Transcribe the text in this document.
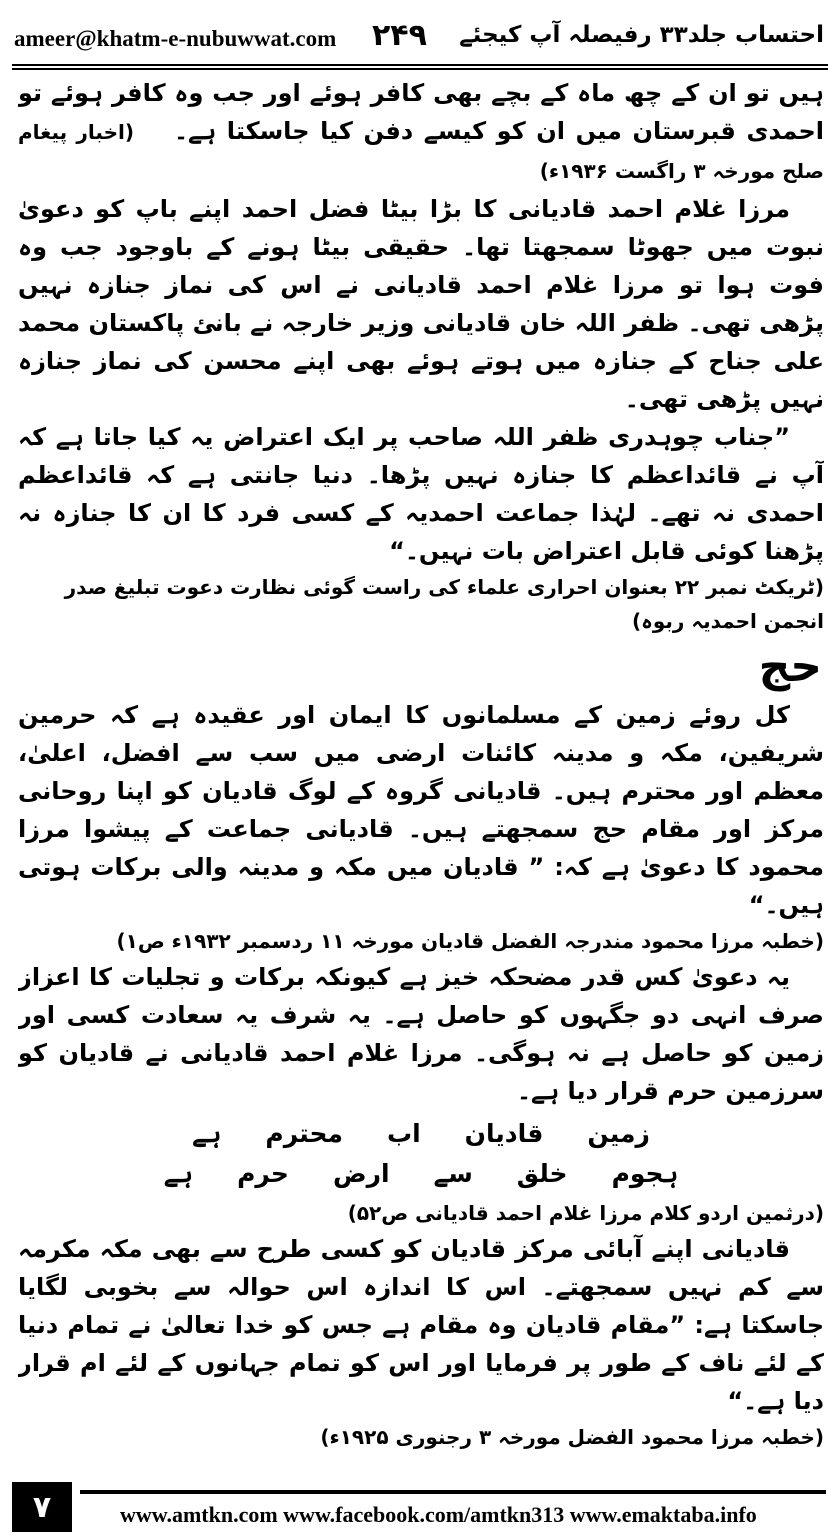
ameer@khatm-e-nubuwwat.com ۲۴۹ احتساب جلد۳۳ رفیصلہ آپ کیجئے

ہیں تو ان کے چھ ماہ کے بچے بھی کافر ہوئے اور جب وہ کافر ہوئے تو احمدی قبرستان میں ان کو کیسے دفن کیا جاسکتا ہے۔(اخبار پیغام صلح مورخہ ۳ راگست ۱۹۳۶ء)

مرزا غلام احمد قادیانی کا بڑا بیٹا فضل احمد اپنے باپ کو دعویٰ نبوت میں جھوٹا سمجھتا تھا۔ حقیقی بیٹا ہونے کے باوجود جب وہ فوت ہوا تو مرزا غلام احمد قادیانی نے اس کی نماز جنازہ نہیں پڑھی تھی۔ ظفر اللہ خان قادیانی وزیر خارجہ نے بانئ پاکستان محمد علی جناح کے جنازہ میں ہوتے ہوئے بھی اپنے محسن کی نماز جنازہ نہیں پڑھی تھی۔

”جناب چوہدری ظفر اللہ صاحب پر ایک اعتراض یہ کیا جاتا ہے کہ آپ نے قائداعظم کا جنازہ نہیں پڑھا۔ دنیا جانتی ہے کہ قائداعظم احمدی نہ تھے۔ لہٰذا جماعت احمدیہ کے کسی فرد کا ان کا جنازہ نہ پڑھنا کوئی قابل اعتراض بات نہیں۔“

(ٹریکٹ نمبر ۲۲ بعنوان احراری علماء کی راست گوئی نظارت دعوت تبلیغ صدر انجمن احمدیہ ربوہ)

حج

کل روئے زمین کے مسلمانوں کا ایمان اور عقیدہ ہے کہ حرمین شریفین، مکہ و مدینہ کائنات ارضی میں سب سے افضل، اعلیٰ، معظم اور محترم ہیں۔ قادیانی گروہ کے لوگ قادیان کو اپنا روحانی مرکز اور مقام حج سمجھتے ہیں۔ قادیانی جماعت کے پیشوا مرزا محمود کا دعویٰ ہے کہ: ” قادیان میں مکہ و مدینہ والی برکات ہوتی ہیں۔“

(خطبہ مرزا محمود مندرجہ الفضل قادیان مورخہ ۱۱ ردسمبر ۱۹۳۲ء ص۱)

یہ دعویٰ کس قدر مضحکہ خیز ہے کیونکہ برکات و تجلیات کا اعزاز صرف انہی دو جگہوں کو حاصل ہے۔ یہ شرف یہ سعادت کسی اور زمین کو حاصل ہے نہ ہوگی۔ مرزا غلام احمد قادیانی نے قادیان کو سرزمین حرم قرار دیا ہے۔

زمین
قادیان
اب
محترم
ہے
ہجوم
خلق
سے
ارض
حرم
ہے

(درثمین اردو کلام مرزا غلام احمد قادیانی ص۵۲)

قادیانی اپنے آبائی مرکز قادیان کو کسی طرح سے بھی مکہ مکرمہ سے کم نہیں سمجھتے۔ اس کا اندازہ اس حوالہ سے بخوبی لگایا جاسکتا ہے: ”مقام قادیان وہ مقام ہے جس کو خدا تعالیٰ نے تمام دنیا کے لئے ناف کے طور پر فرمایا اور اس کو تمام جہانوں کے لئے ام قرار دیا ہے۔“

(خطبہ مرزا محمود الفضل مورخہ ۳ رجنوری ۱۹۲۵ء)

۷	www.amtkn.com www.facebook.com/amtkn313 www.emaktaba.info
